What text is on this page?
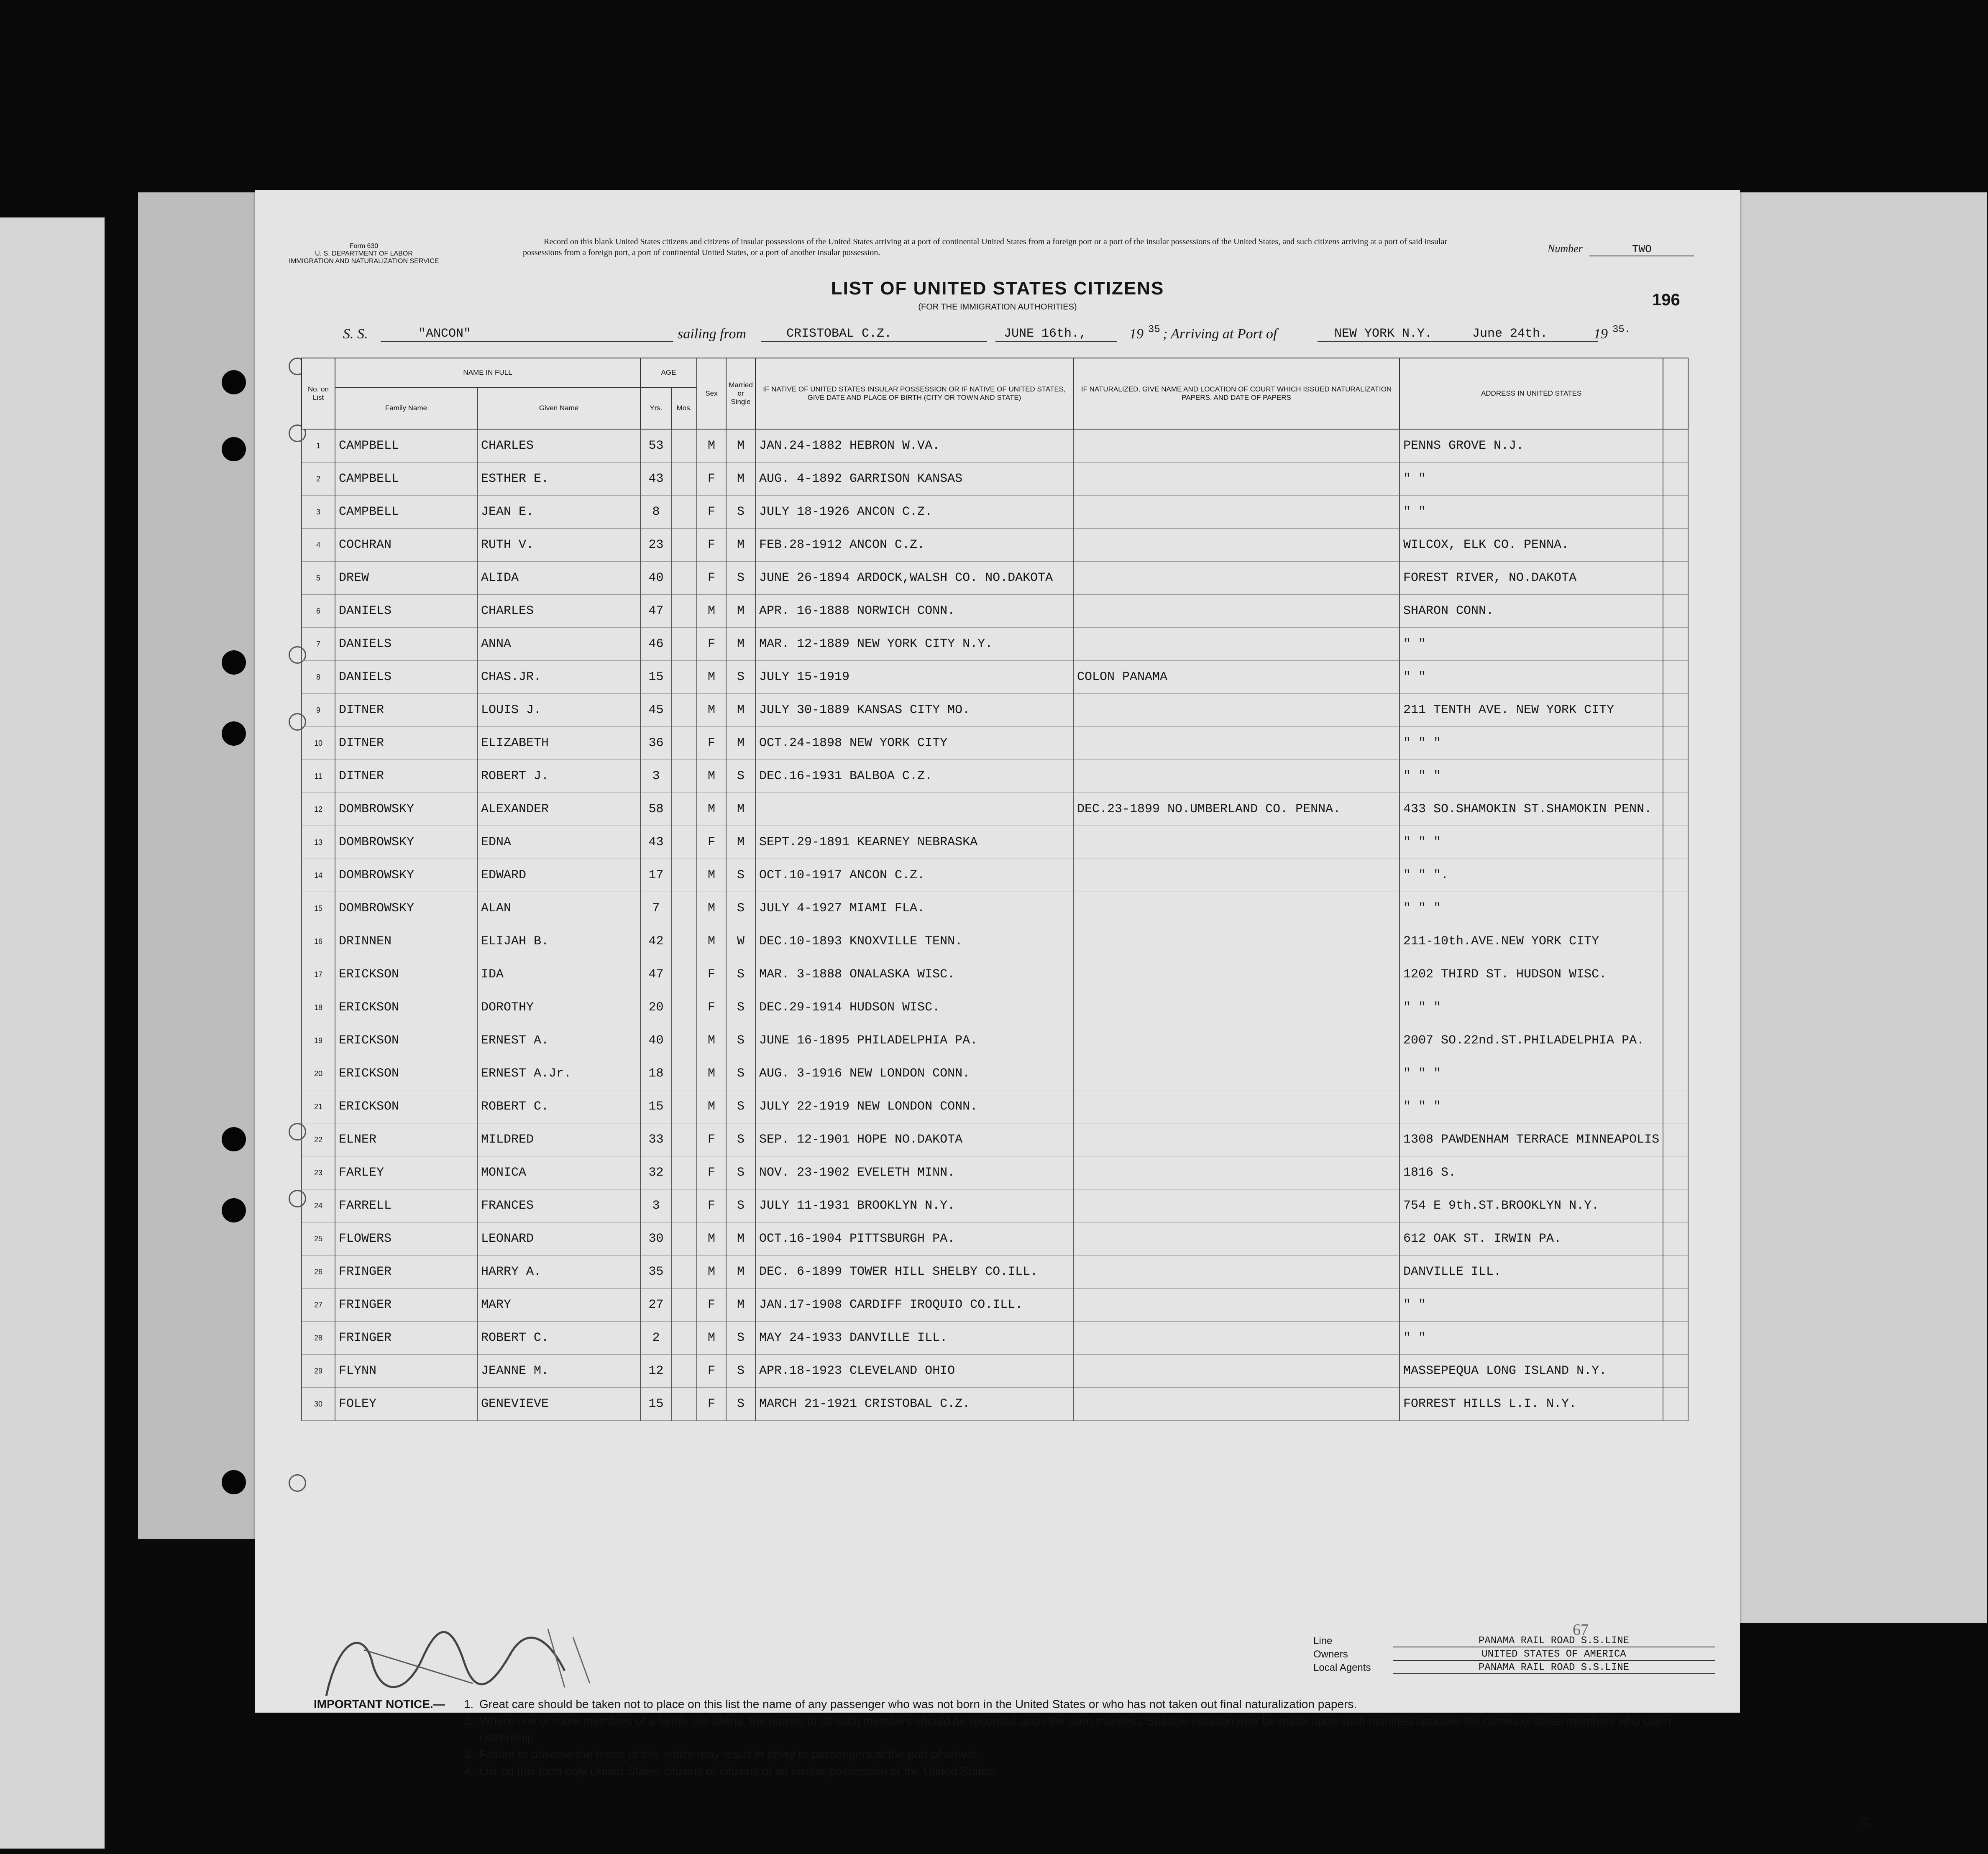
Form 630
U. S. DEPARTMENT OF LABOR
IMMIGRATION AND NATURALIZATION SERVICE
Record on this blank United States citizens and citizens of insular possessions of the United States arriving at a port of continental United States from a foreign port or a port of the insular possessions of the United States, and such citizens arriving at a port of said insular possessions from a foreign port, a port of continental United States, or a port of another insular possession.	Number	TWO
LIST OF UNITED STATES CITIZENS
(FOR THE IMMIGRATION AUTHORITIES)	196
S. S.	"ANCON"	sailing from	CRISTOBAL C.Z.	JUNE 16th.,	19 35 ; Arriving at Port of	NEW YORK N.Y.	June 24th.	19 35.
No. on List	NAME IN FULL		AGE		Sex	Married or Single	IF NATIVE OF UNITED STATES INSULAR POSSESSION OR IF NATIVE OF UNITED STATES, GIVE DATE AND PLACE OF BIRTH (CITY OR TOWN AND STATE)	IF NATURALIZED, GIVE NAME AND LOCATION OF COURT WHICH ISSUED NATURALIZATION PAPERS, AND DATE OF PAPERS	ADDRESS IN UNITED STATES	
	Family Name	Given Name	Yrs.	Mos.						
1	CAMPBELL	CHARLES	53		M	M	JAN.24-1882 HEBRON W.VA.		PENNS GROVE N.J.	
2	CAMPBELL	ESTHER E.	43		F	M	AUG. 4-1892 GARRISON KANSAS		" "	
3	CAMPBELL	JEAN E.	8		F	S	JULY 18-1926 ANCON C.Z.		" "	
4	COCHRAN	RUTH V.	23		F	M	FEB.28-1912 ANCON C.Z.		WILCOX, ELK CO. PENNA.	
5	DREW	ALIDA	40		F	S	JUNE 26-1894 ARDOCK,WALSH CO. NO.DAKOTA		FOREST RIVER, NO.DAKOTA	
6	DANIELS	CHARLES	47		M	M	APR. 16-1888 NORWICH CONN.		SHARON CONN.	
7	DANIELS	ANNA	46		F	M	MAR. 12-1889 NEW YORK CITY N.Y.		" "	
8	DANIELS	CHAS.JR.	15		M	S	JULY 15-1919	COLON PANAMA	" "	
9	DITNER	LOUIS J.	45		M	M	JULY 30-1889 KANSAS CITY MO.		211 TENTH AVE. NEW YORK CITY	
10	DITNER	ELIZABETH	36		F	M	OCT.24-1898 NEW YORK CITY		" " "	
11	DITNER	ROBERT J.	3		M	S	DEC.16-1931 BALBOA C.Z.		" " "	
12	DOMBROWSKY	ALEXANDER	58		M	M		DEC.23-1899 NO.UMBERLAND CO. PENNA.	433 SO.SHAMOKIN ST.SHAMOKIN PENN.	
13	DOMBROWSKY	EDNA	43		F	M	SEPT.29-1891 KEARNEY NEBRASKA		" " "	
14	DOMBROWSKY	EDWARD	17		M	S	OCT.10-1917 ANCON C.Z.		" " ".	
15	DOMBROWSKY	ALAN	7		M	S	JULY 4-1927 MIAMI FLA.		" " "	
16	DRINNEN	ELIJAH B.	42		M	W	DEC.10-1893 KNOXVILLE TENN.		211-10th.AVE.NEW YORK CITY	
17	ERICKSON	IDA	47		F	S	MAR. 3-1888 ONALASKA WISC.		1202 THIRD ST. HUDSON WISC.	
18	ERICKSON	DOROTHY	20		F	S	DEC.29-1914 HUDSON WISC.		" " "	
19	ERICKSON	ERNEST A.	40		M	S	JUNE 16-1895 PHILADELPHIA PA.		2007 SO.22nd.ST.PHILADELPHIA PA.	
20	ERICKSON	ERNEST A.Jr.	18		M	S	AUG. 3-1916 NEW LONDON CONN.		" " "	
21	ERICKSON	ROBERT C.	15		M	S	JULY 22-1919 NEW LONDON CONN.		" " "	
22	ELNER	MILDRED	33		F	S	SEP. 12-1901 HOPE NO.DAKOTA		1308 PAWDENHAM TERRACE MINNEAPOLIS	
23	FARLEY	MONICA	32		F	S	NOV. 23-1902 EVELETH MINN.		1816 S.	
24	FARRELL	FRANCES	3		F	S	JULY 11-1931 BROOKLYN N.Y.		754 E 9th.ST.BROOKLYN N.Y.	
25	FLOWERS	LEONARD	30		M	M	OCT.16-1904 PITTSBURGH PA.		612 OAK ST. IRWIN PA.	
26	FRINGER	HARRY A.	35		M	M	DEC. 6-1899 TOWER HILL SHELBY CO.ILL.		DANVILLE ILL.	
27	FRINGER	MARY	27		F	M	JAN.17-1908 CARDIFF IROQUIO CO.ILL.		" "	
28	FRINGER	ROBERT C.	2		M	S	MAY 24-1933 DANVILLE ILL.		" "	
29	FLYNN	JEANNE M.	12		F	S	APR.18-1923 CLEVELAND OHIO		MASSEPEQUA LONG ISLAND N.Y.	
30	FOLEY	GENEVIEVE	15		F	S	MARCH 21-1921 CRISTOBAL C.Z.		FORREST HILLS L.I. N.Y.	
67
Line	PANAMA RAIL ROAD S.S.LINE
Owners	UNITED STATES OF AMERICA
Local Agents	PANAMA RAIL ROAD S.S.LINE
IMPORTANT NOTICE.—	1. Great care should be taken not to place on this list the name of any passenger who was not born in the United States or who has not taken out final naturalization papers.
2. Where one or more members of a family are aliens, the names of all such members should be recorded upon the alien manifest. Suitable notation may be made upon such manifest opposite the names of those members who claim citizenship.
3. Failure to observe the terms of this notice may result in delay to passengers at the port of arrival.
4. List on this form only United States citizens or citizens of an insular possession of the United States.
14-606
